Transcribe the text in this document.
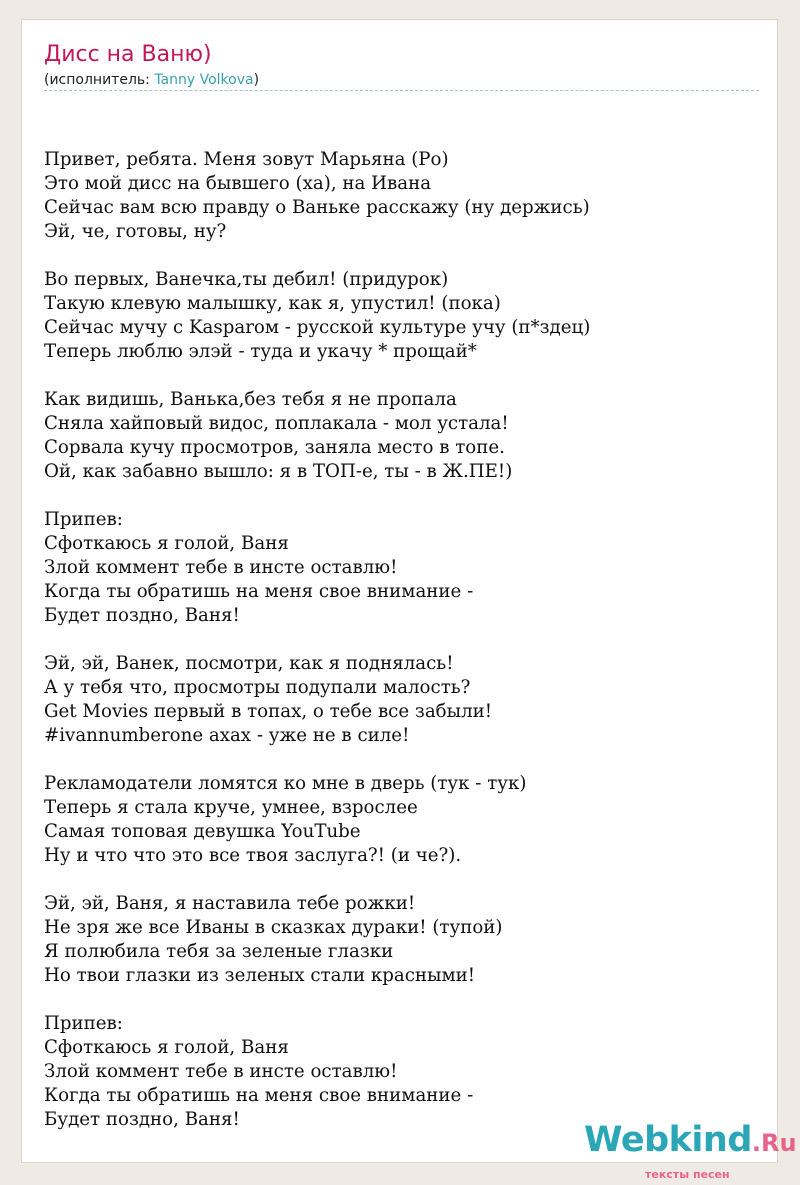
Дисс на Ваню)
(исполнитель: Tanny Volkova)
Привет, ребята. Меня зовут Марьяна (Ро)
Это мой дисс на бывшего (ха), на Ивана
Сейчас вам всю правду о Ваньке расскажу (ну держись)
Эй, че, готовы, ну?
Во первых, Ванечка,ты дебил! (придурок)
Такую клевую малышку, как я, упустил! (пока)
Сейчас мучу с Kasparом - русской культуре учу (п*здец)
Теперь люблю элэй - туда и укачу * прощай*
Как видишь, Ванька,без тебя я не пропала
Сняла хайповый видос, поплакала - мол устала!
Сорвала кучу просмотров, заняла место в топе.
Ой, как забавно вышло: я в ТОП-е, ты - в Ж.ПЕ!)
Припев:
Сфоткаюсь я голой, Ваня
Злой коммент тебе в инсте оставлю!
Когда ты обратишь на меня свое внимание -
Будет поздно, Ваня!
Эй, эй, Ванек, посмотри, как я поднялась!
А у тебя что, просмотры подупали малость?
Get Movies первый в топах, о тебе все забыли!
#ivannumberone ахах - уже не в силе!
Рекламодатели ломятся ко мне в дверь (тук - тук)
Теперь я стала круче, умнее, взрослее
Самая топовая девушка YouTube
Ну и что что это все твоя заслуга?! (и че?).
Эй, эй, Ваня, я наставила тебе рожки!
Не зря же все Иваны в сказках дураки! (тупой)
Я полюбила тебя за зеленые глазки
Но твои глазки из зеленых стали красными!
Припев:
Сфоткаюсь я голой, Ваня
Злой коммент тебе в инсте оставлю!
Когда ты обратишь на меня свое внимание -
Будет поздно, Ваня!
Webkind.Ru
тексты песен
